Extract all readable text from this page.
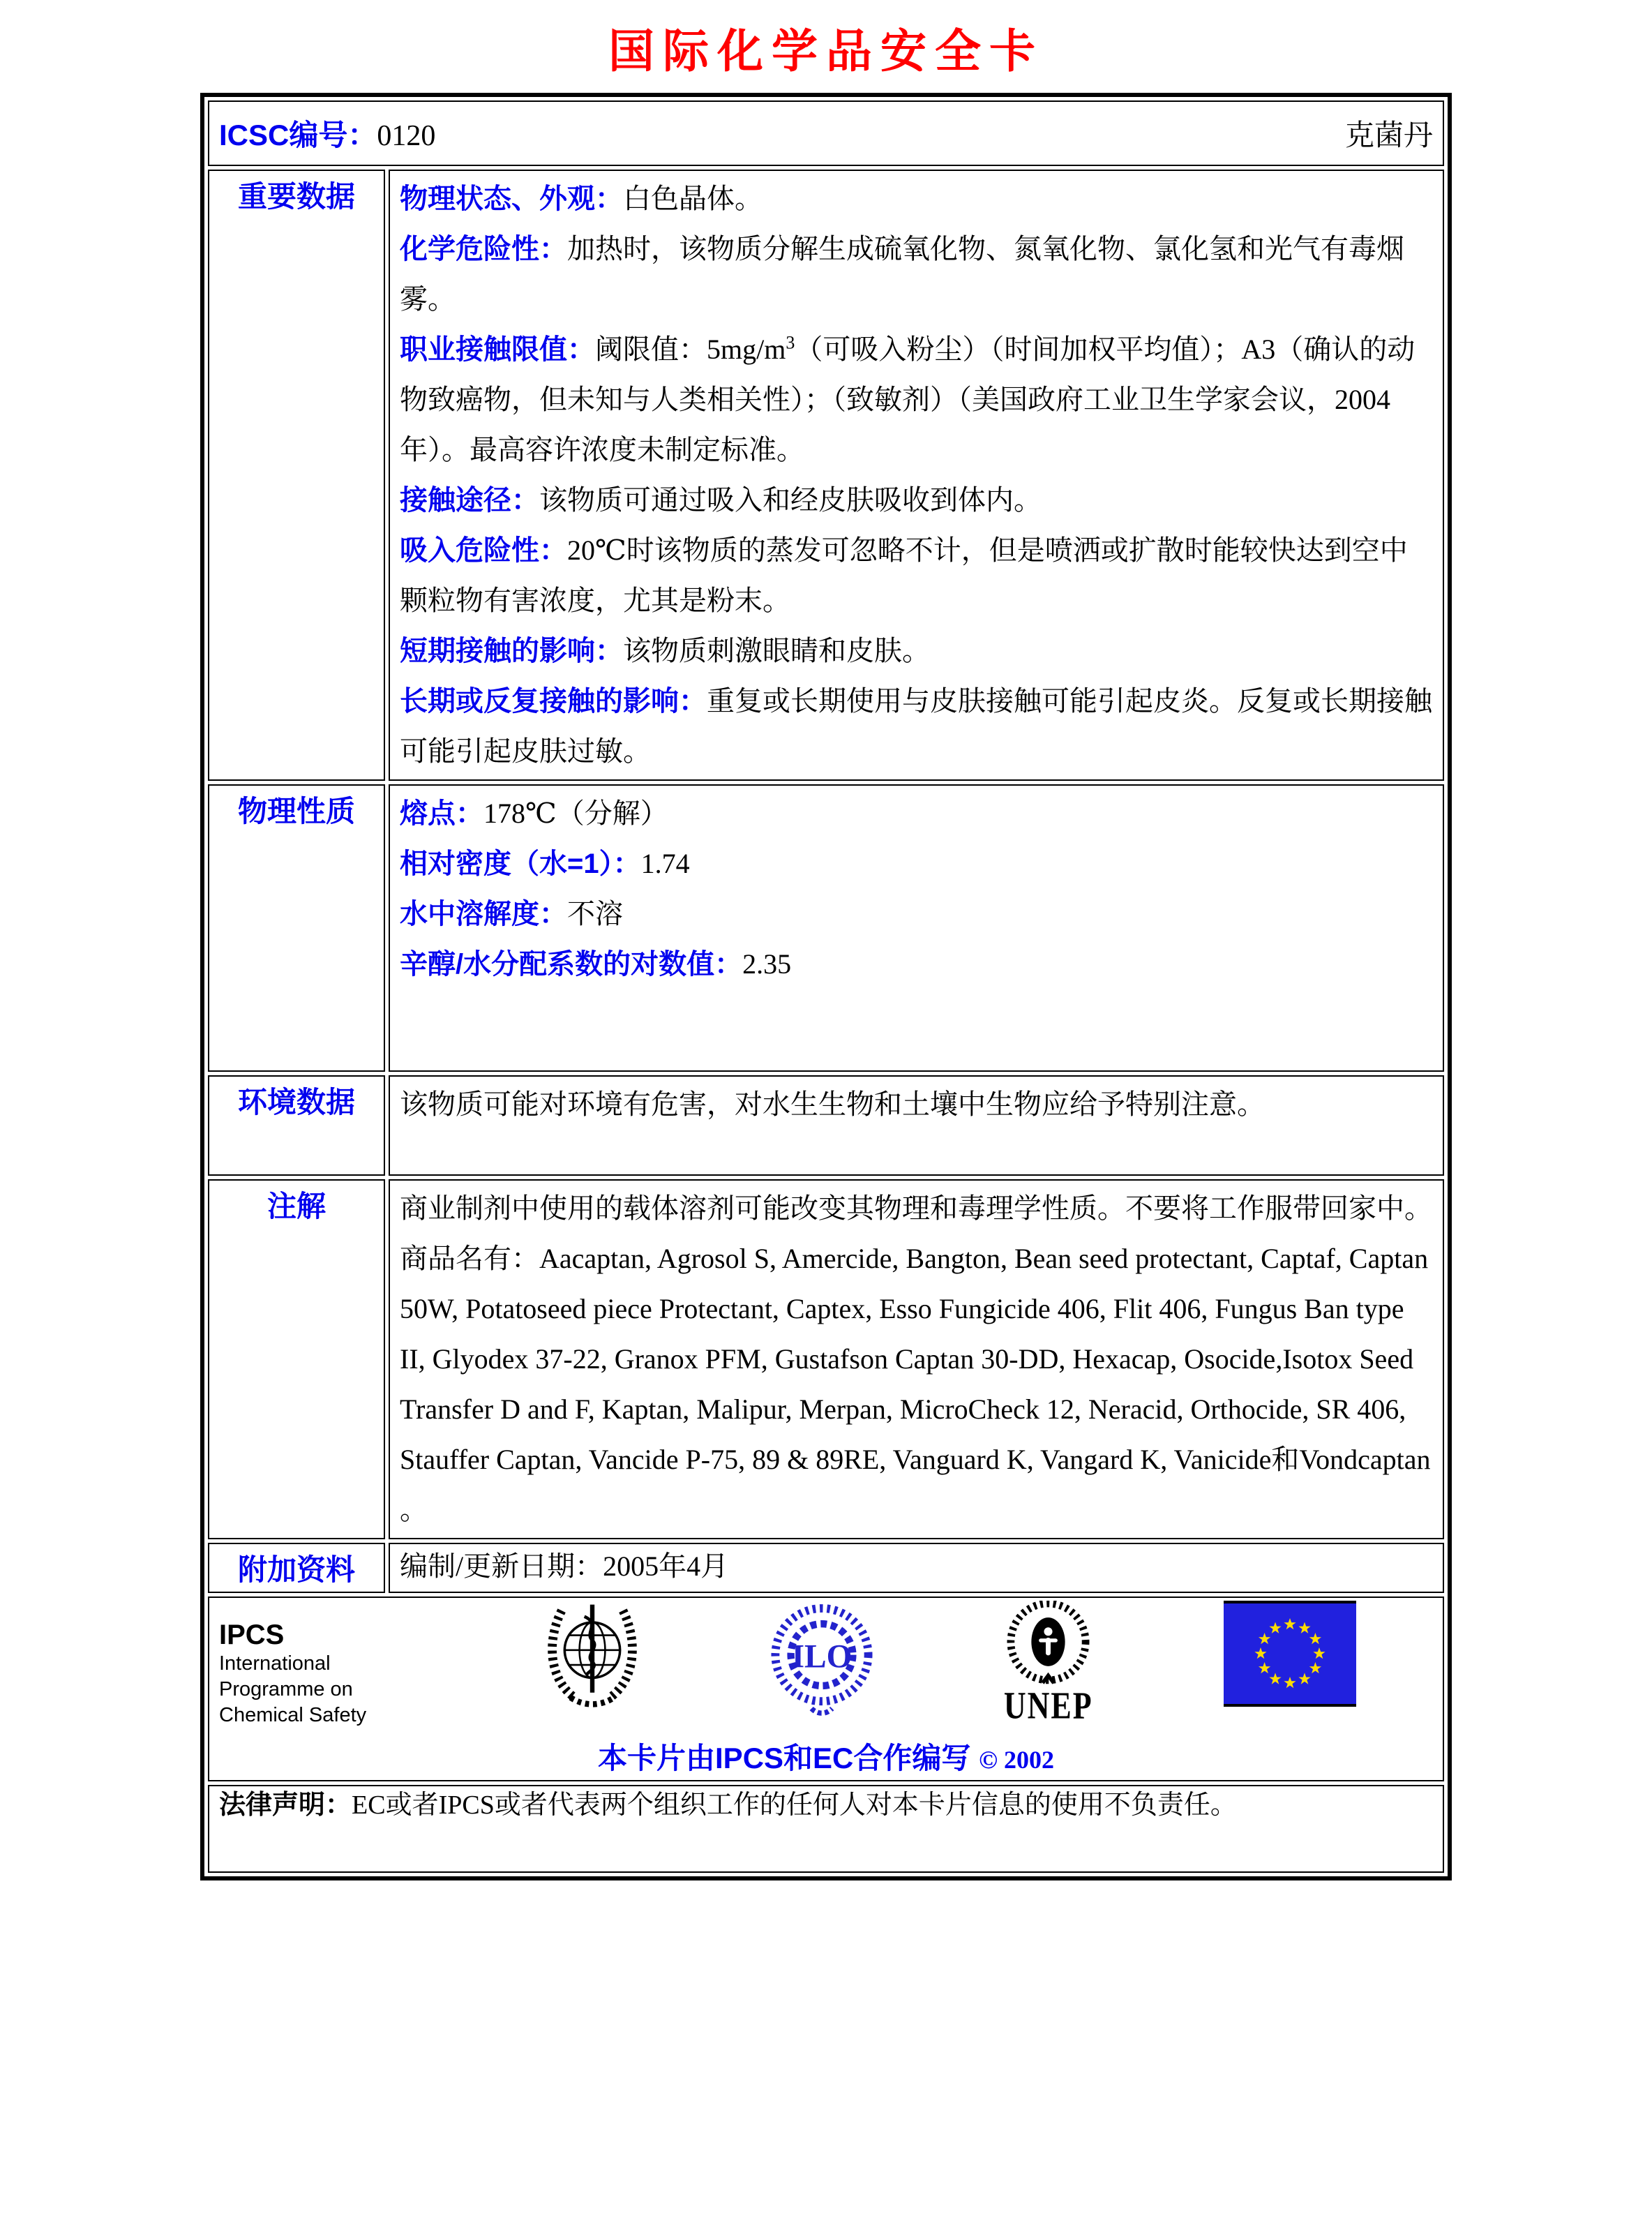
国际化学品安全卡
ICSC编号：0120 克菌丹	

重要数据	物理状态、外观：白色晶体。

化学危险性：加热时，该物质分解生成硫氧化物、氮氧化物、氯化氢和光气有毒烟雾。

职业接触限值：阈限值：$5mg/m^3$（可吸入粉尘）（时间加权平均值）；A3（确认的动物致癌物，但未知与人类相关性）；（致敏剂）（美国政府工业卫生学家会议，2004年）。最高容许浓度未制定标准。

接触途径：该物质可通过吸入和经皮肤吸收到体内。

吸入危险性：20℃时该物质的蒸发可忽略不计，但是喷洒或扩散时能较快达到空中颗粒物有害浓度，尤其是粉末。

短期接触的影响：该物质刺激眼睛和皮肤。

长期或反复接触的影响：重复或长期使用与皮肤接触可能引起皮炎。反复或长期接触可能引起皮肤过敏。

物理性质	熔点：178℃（分解）

相对密度（水=1）：1.74

水中溶解度：不溶

辛醇/水分配系数的对数值：2.35

环境数据	该物质可能对环境有危害，对水生生物和土壤中生物应给予特别注意。

注解	商业制剂中使用的载体溶剂可能改变其物理和毒理学性质。不要将工作服带回家中。商品名有：Aacaptan, Agrosol S, Amercide, Bangton, Bean seed protectant, Captaf, Captan 50W, Potatoseed piece Protectant, Captex, Esso Fungicide 406, Flit 406, Fungus Ban type II, Glyodex 37-22, Granox PFM, Gustafson Captan 30-DD, Hexacap, Osocide,Isotox Seed Transfer D and F, Kaptan, Malipur, Merpan, MicroCheck 12, Neracid, Orthocide, SR 406, Stauffer Captan, Vancide P-75, 89 & 89RE, Vanguard K, Vangard K, Vanicide和Vondcaptan 。

附加资料	编制/更新日期：2005年4月

IPCS
International
Programme on
Chemical Safety
ILO
UNEP
本卡片由IPCS和EC合作编写 © 2002

法律声明：EC或者IPCS或者代表两个组织工作的任何人对本卡片信息的使用不负责任。	
